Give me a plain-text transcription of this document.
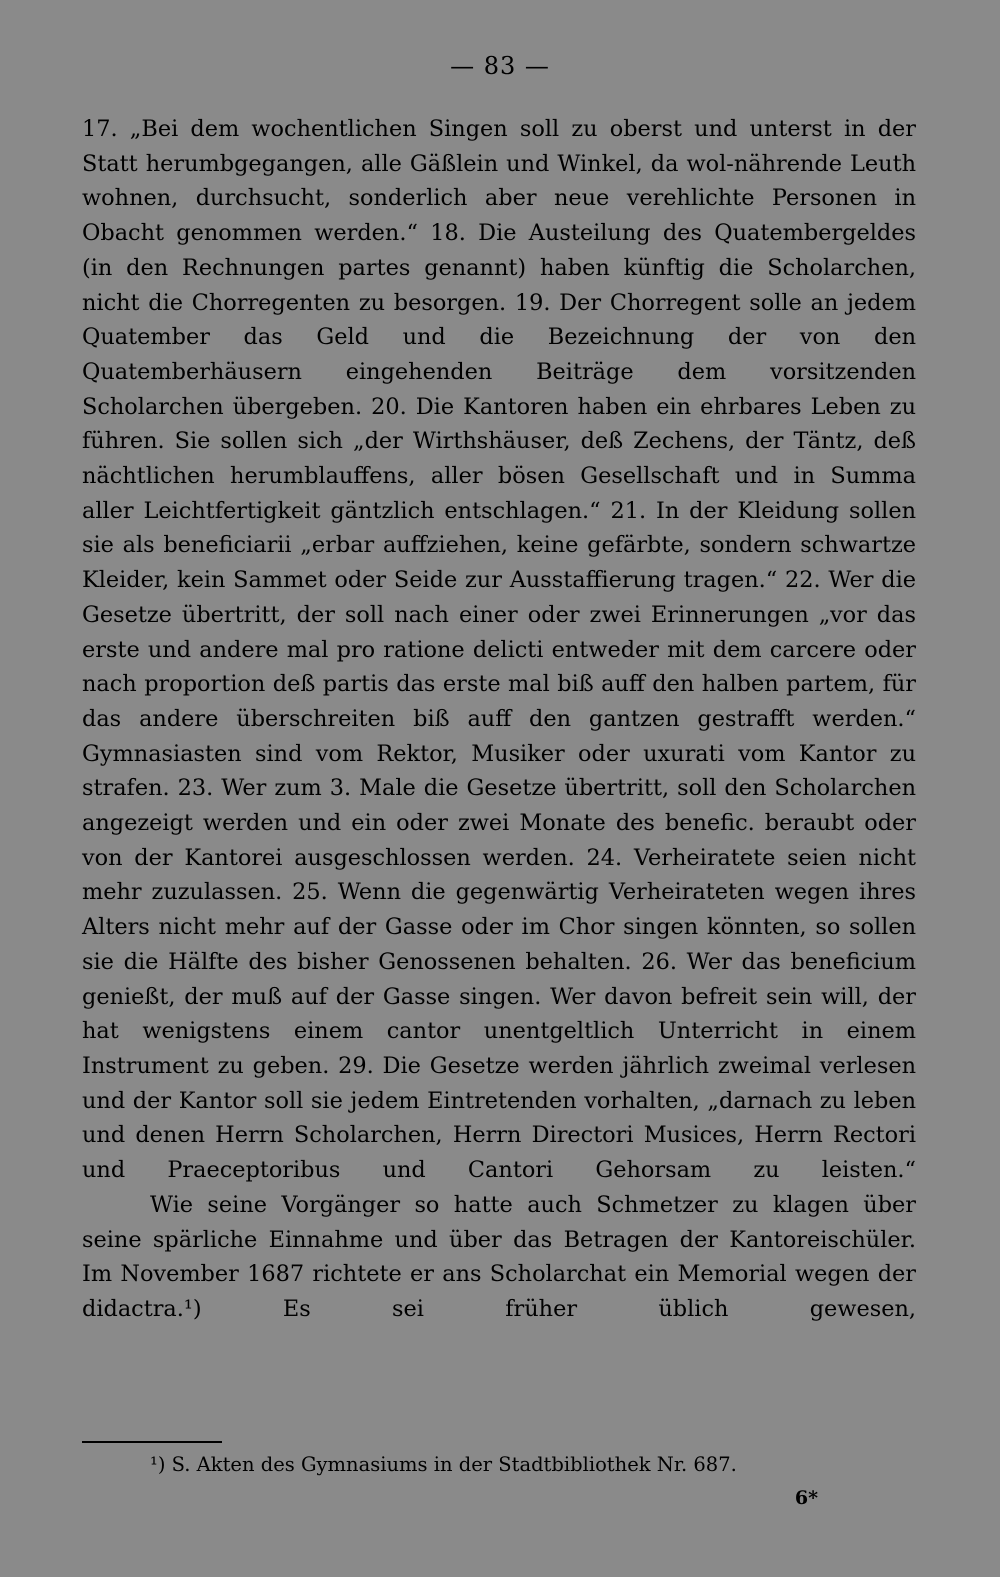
— 83 —

17. „Bei dem wochentlichen Singen soll zu oberst und unterst in der Statt herumbgegangen, alle Gäßlein und Winkel, da wol-nährende Leuth wohnen, durchsucht, sonderlich aber neue verehlichte Personen in Obacht genommen werden.“ 18. Die Austeilung des Quatembergeldes (in den Rechnungen partes genannt) haben künftig die Scholarchen, nicht die Chorregenten zu besorgen. 19. Der Chorregent solle an jedem Quatember das Geld und die Bezeichnung der von den Quatemberhäusern eingehenden Beiträge dem vorsitzenden Scholarchen übergeben. 20. Die Kantoren haben ein ehrbares Leben zu führen. Sie sollen sich „der Wirthshäuser, deß Zechens, der Täntz, deß nächtlichen herumblauffens, aller bösen Gesellschaft und in Summa aller Leichtfertigkeit gäntzlich entschlagen.“ 21. In der Kleidung sollen sie als beneficiarii „erbar auffziehen, keine gefärbte, sondern schwartze Kleider, kein Sammet oder Seide zur Ausstaffierung tragen.“ 22. Wer die Gesetze übertritt, der soll nach einer oder zwei Erinnerungen „vor das erste und andere mal pro ratione delicti entweder mit dem carcere oder nach proportion deß partis das erste mal biß auff den halben partem, für das andere überschreiten biß auff den gantzen gestrafft werden.“ Gymnasiasten sind vom Rektor, Musiker oder uxurati vom Kantor zu strafen. 23. Wer zum 3. Male die Gesetze übertritt, soll den Scholarchen angezeigt werden und ein oder zwei Monate des benefic. beraubt oder von der Kantorei ausgeschlossen werden. 24. Verheiratete seien nicht mehr zuzulassen. 25. Wenn die gegenwärtig Verheirateten wegen ihres Alters nicht mehr auf der Gasse oder im Chor singen könnten, so sollen sie die Hälfte des bisher Genossenen behalten. 26. Wer das beneficium genießt, der muß auf der Gasse singen. Wer davon befreit sein will, der hat wenigstens einem cantor unentgeltlich Unterricht in einem Instrument zu geben. 29. Die Gesetze werden jährlich zweimal verlesen und der Kantor soll sie jedem Eintretenden vorhalten, „darnach zu leben und denen Herrn Scholarchen, Herrn Directori Musices, Herrn Rectori und Praeceptoribus und Cantori Gehorsam zu leisten.“

Wie seine Vorgänger so hatte auch Schmetzer zu klagen über seine spärliche Einnahme und über das Betragen der Kantoreischüler. Im November 1687 richtete er ans Scholarchat ein Memorial wegen der didactra.¹) Es sei früher üblich gewesen,

¹) S. Akten des Gymnasiums in der Stadtbibliothek Nr. 687.
6*
